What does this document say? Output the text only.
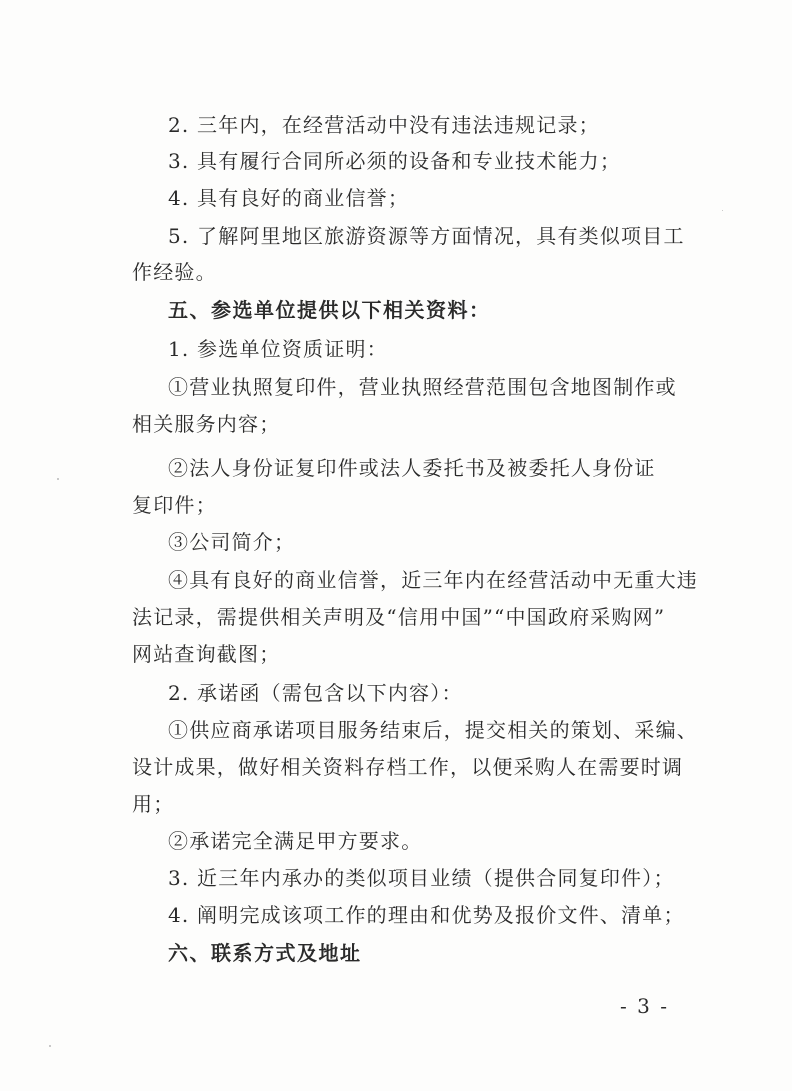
2. 三年内，在经营活动中没有违法违规记录；
3. 具有履行合同所必须的设备和专业技术能力；
4. 具有良好的商业信誉；
5. 了解阿里地区旅游资源等方面情况，具有类似项目工
作经验。
五、参选单位提供以下相关资料：
1. 参选单位资质证明：
①营业执照复印件，营业执照经营范围包含地图制作或
相关服务内容；
②法人身份证复印件或法人委托书及被委托人身份证
复印件；
③公司简介；
④具有良好的商业信誉，近三年内在经营活动中无重大违
法记录，需提供相关声明及“信用中国”“中国政府采购网”
网站查询截图；
2. 承诺函（需包含以下内容）：
①供应商承诺项目服务结束后，提交相关的策划、采编、
设计成果，做好相关资料存档工作，以便采购人在需要时调
用；
②承诺完全满足甲方要求。
3. 近三年内承办的类似项目业绩（提供合同复印件）；
4. 阐明完成该项工作的理由和优势及报价文件、清单；
六、联系方式及地址
- 3 -
